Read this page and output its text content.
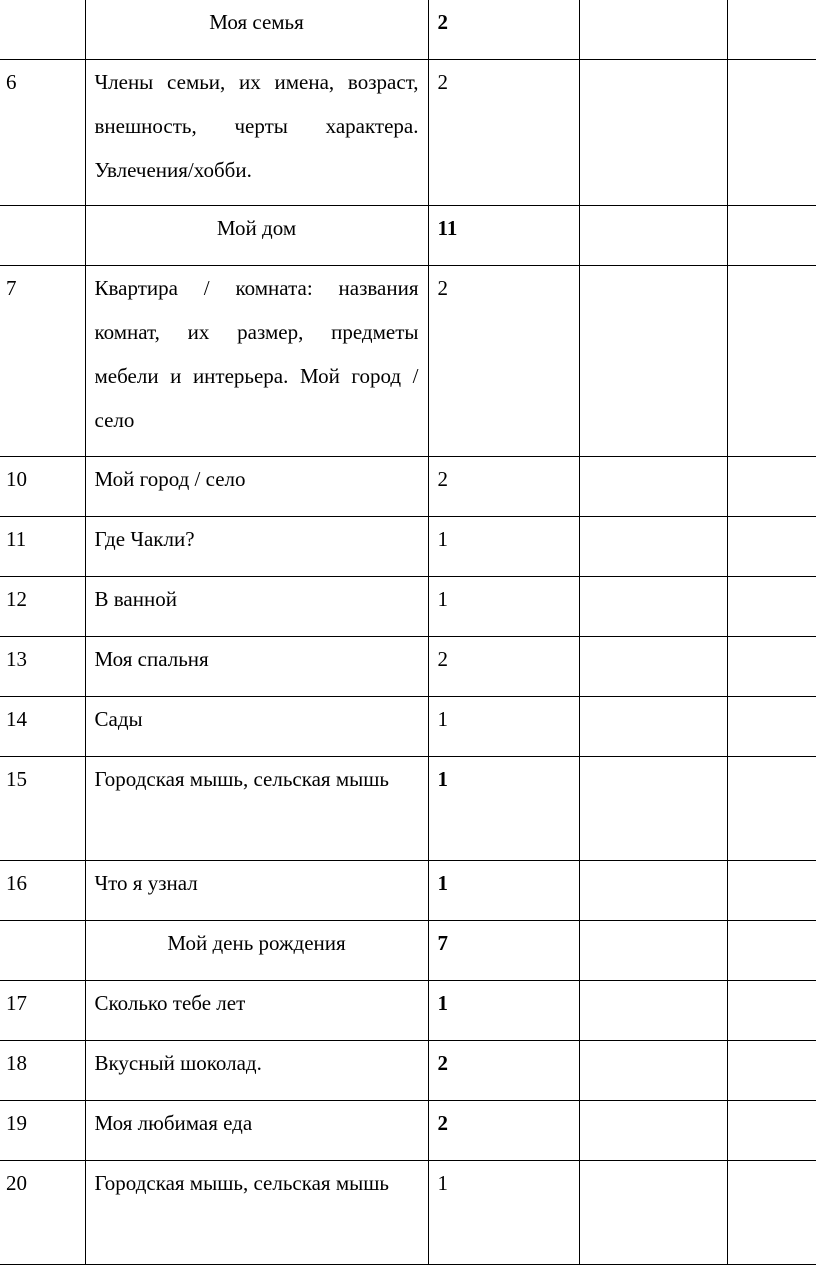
	Моя семья	2		
6	Члены семьи, их имена, возраст, внешность, черты характера. Увлечения/хобби.	2		
	Мой дом	11		
7	Квартира / комната: названия комнат, их размер, предметы мебели и интерьера. Мой город / село	2		
10	Мой город / село	2		
11	Где Чакли?	1		
12	В ванной	1		
13	Моя спальня	2		
14	Сады	1		
15	Городская мышь, сельская мышь	1		
16	Что я узнал	1		
	Мой день рождения	7		
17	Сколько тебе лет	1		
18	Вкусный шоколад.	2		
19	Моя любимая еда	2		
20	Городская мышь, сельская мышь	1		
